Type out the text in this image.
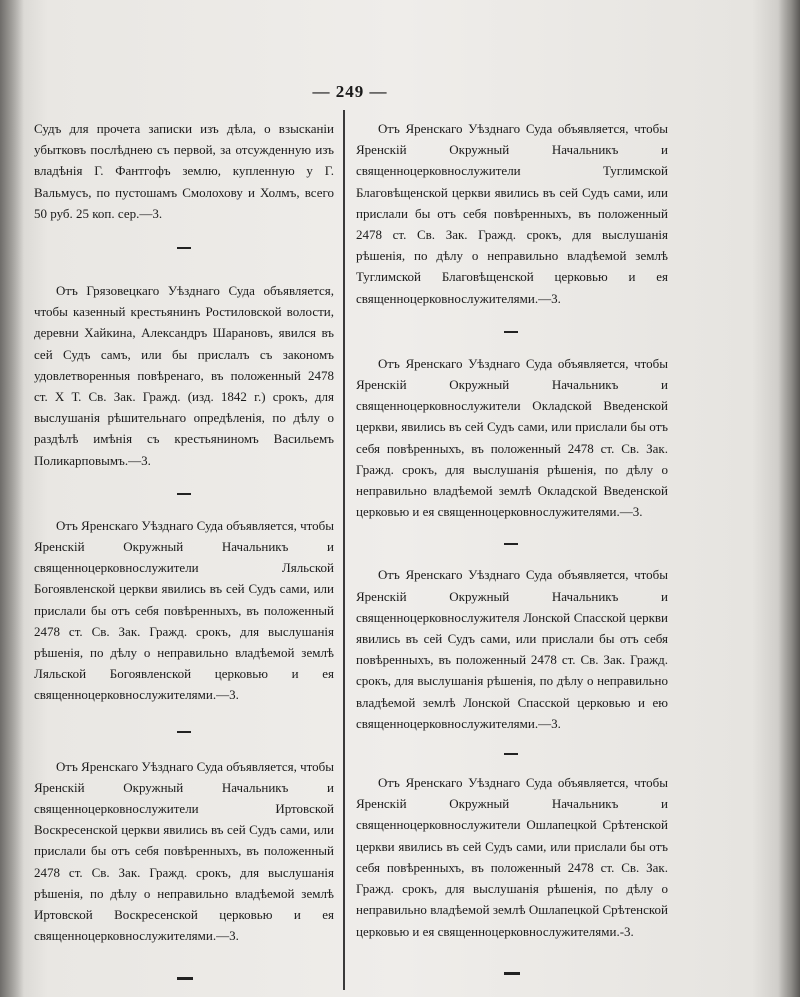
— 249 —

Судъ для прочета записки изъ дѣла, о взысканіи убытковъ послѣднею съ первой, за отсужденную изъ владѣнія Г. Фантгофъ землю, купленную у Г. Вальмусъ, по пустошамъ Смолохову и Холмъ, всего 50 руб. 25 коп. сер.—3.

Отъ Грязовецкаго Уѣзднаго Суда объявляется, чтобы казенный крестьянинъ Ростиловской волости, деревни Хайкина, Александръ Шарановъ, явился въ сей Судъ самъ, или бы прислалъ съ закономъ удовлетворенныя повѣренаго, въ положенный 2478 ст. Х Т. Св. Зак. Гражд. (изд. 1842 г.) срокъ, для выслушанія рѣшительнаго опредѣленія, по дѣлу о раздѣлѣ имѣнія съ крестьяниномъ Васильемъ Поликарповымъ.—3.

Отъ Яренскаго Уѣзднаго Суда объявляется, чтобы Яренскій Окружный Начальникъ и священноцерковнослужители Ляльской Богоявленской церкви явились въ сей Судъ сами, или прислали бы отъ себя повѣренныхъ, въ положенный 2478 ст. Св. Зак. Гражд. срокъ, для выслушанія рѣшенія, по дѣлу о неправильно владѣемой землѣ Ляльской Богоявленской церковью и ея священноцерковнослужителями.—3.

Отъ Яренскаго Уѣзднаго Суда объявляется, чтобы Яренскій Окружный Начальникъ и священноцерковнослужители Иртовской Воскресенской церкви явились въ сей Судъ сами, или прислали бы отъ себя повѣренныхъ, въ положенный 2478 ст. Св. Зак. Гражд. срокъ, для выслушанія рѣшенія, по дѣлу о неправильно владѣемой землѣ Иртовской Воскресенской церковью и ея священноцерковнослужителями.—3.

Отъ Яренскаго Уѣзднаго Суда объявляется, чтобы Яренскій Окружный Начальникъ и священноцерковнослужители Туглимской Благовѣщенской церкви явились въ сей Судъ сами, или прислали бы отъ себя повѣренныхъ, въ положенный 2478 ст. Св. Зак. Гражд. срокъ, для выслушанія рѣшенія, по дѣлу о неправильно владѣемой землѣ Туглимской Благовѣщенской церковью и ея священноцерковнослужителями.—3.

Отъ Яренскаго Уѣзднаго Суда объявляется, чтобы Яренскій Окружный Начальникъ и священноцерковнослужители Окладской Введенской церкви, явились въ сей Судъ сами, или прислали бы отъ себя повѣренныхъ, въ положенный 2478 ст. Св. Зак. Гражд. срокъ, для выслушанія рѣшенія, по дѣлу о неправильно владѣемой землѣ Окладской Введенской церковью и ея священноцерковнослужителями.—3.

Отъ Яренскаго Уѣзднаго Суда объявляется, чтобы Яренскій Окружный Начальникъ и священноцерковнослужителя Лонской Спасской церкви явились въ сей Судъ сами, или прислали бы отъ себя повѣренныхъ, въ положенный 2478 ст. Св. Зак. Гражд. срокъ, для выслушанія рѣшенія, по дѣлу о неправильно владѣемой землѣ Лонской Спасской церковью и ею священноцерковнослужителями.—3.

Отъ Яренскаго Уѣзднаго Суда объявляется, чтобы Яренскій Окружный Начальникъ и священноцерковнослужители Ошлапецкой Срѣтенской церкви явились въ сей Судъ сами, или прислали бы отъ себя повѣренныхъ, въ положенный 2478 ст. Св. Зак. Гражд. срокъ, для выслушанія рѣшенія, по дѣлу о неправильно владѣемой землѣ Ошлапецкой Срѣтенской церковью и ея священноцерковнослужителями.-3.
